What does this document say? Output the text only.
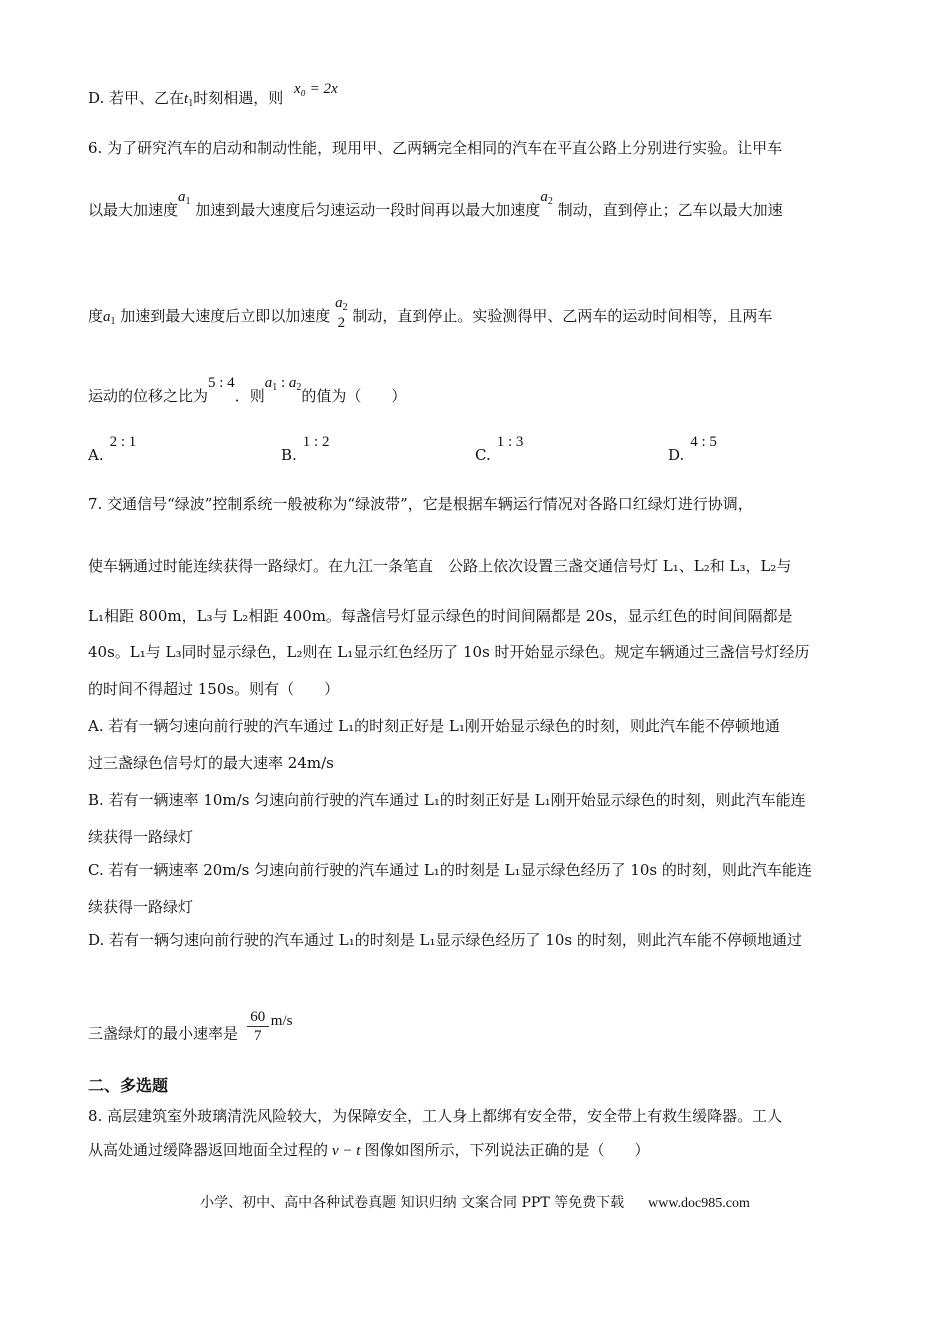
D. 若甲、乙在$t_1$时刻相遇，则 x₀ = 2x
6. 为了研究汽车的启动和制动性能，现用甲、乙两辆完全相同的汽车在平直公路上分别进行实验。让甲车
以最大加速度$a_1$ 加速到最大速度后匀速运动一段时间再以最大加速度$a_2$ 制动，直到停止；乙车以最大加速
度$a_1$ 加速到最大速度后立即以加速度
$a_2$
2 制动，直到停止。实验测得甲、乙两车的运动时间相等，且两车
运动的位移之比为5 : 4．则$a_1$ : $a_2$的值为（　　）
A.2 : 1
B.1 : 2
C.1 : 3
D.4 : 5
7. 交通信号“绿波”控制系统一般被称为“绿波带”，它是根据车辆运行情况对各路口红绿灯进行协调，
使车辆通过时能连续获得一路绿灯。在九江一条笔直　公路上依次设置三盏交通信号灯 L₁、L₂和 L₃，L₂与
L₁相距 800m，L₃与 L₂相距 400m。每盏信号灯显示绿色的时间间隔都是 20s，显示红色的时间间隔都是
40s。L₁与 L₃同时显示绿色，L₂则在 L₁显示红色经历了 10s 时开始显示绿色。规定车辆通过三盏信号灯经历
的时间不得超过 150s。则有（　　）
A. 若有一辆匀速向前行驶的汽车通过 L₁的时刻正好是 L₁刚开始显示绿色的时刻，则此汽车能不停顿地通
过三盏绿色信号灯的最大速率 24m/s
B. 若有一辆速率 10m/s 匀速向前行驶的汽车通过 L₁的时刻正好是 L₁刚开始显示绿色的时刻，则此汽车能连
续获得一路绿灯
C. 若有一辆速率 20m/s 匀速向前行驶的汽车通过 L₁的时刻是 L₁显示绿色经历了 10s 的时刻，则此汽车能连
续获得一路绿灯
D. 若有一辆匀速向前行驶的汽车通过 L₁的时刻是 L₁显示绿色经历了 10s 的时刻，则此汽车能不停顿地通过
三盏绿灯的最小速率是 $\frac{60}{7} m/s$
二、多选题
8. 高层建筑室外玻璃清洗风险较大，为保障安全，工人身上都绑有安全带，安全带上有救生缓降器。工人
从高处通过缓降器返回地面全过程的 v − t 图像如图所示，下列说法正确的是（　　）
小学、初中、高中各种试卷真题 知识归纳 文案合同 PPT 等免费下载 www.doc985.com
